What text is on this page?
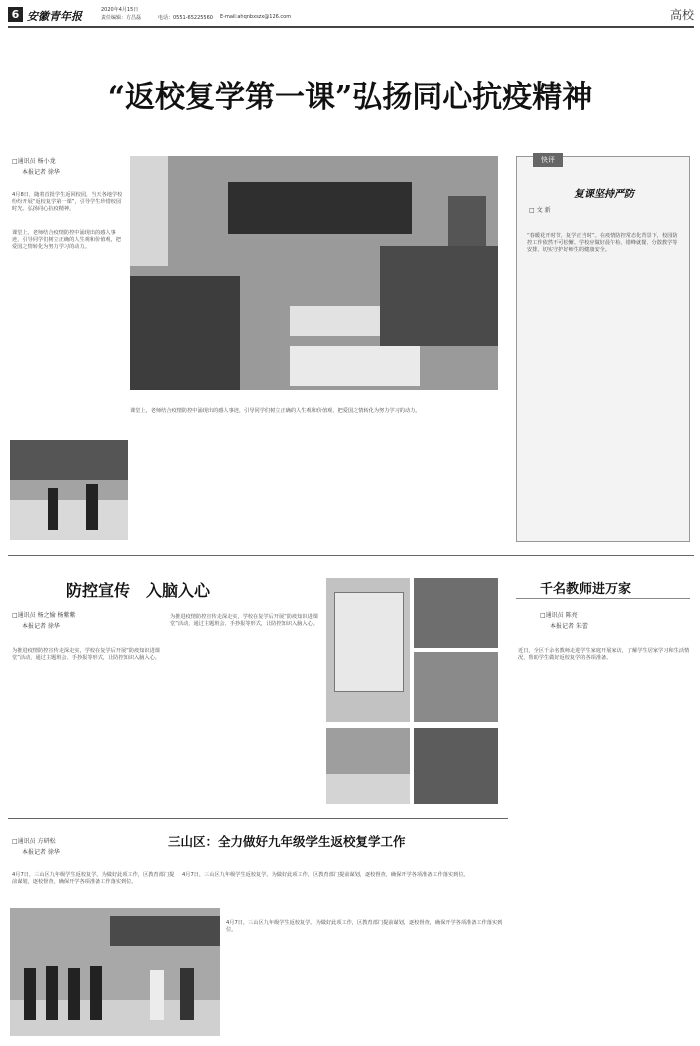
6 安徽青年报	2020年4月15日
责任编辑：方昌磊	电话：0551-65225560 E-mail:ahqnbxszx@126.com	高校
“返校复学第一课”弘扬同心抗疫精神
□通讯员 杨小龙
本报记者 徐华

4月8日，随着首批学生返回校园，当天各地学校纷纷开展“返校复学第一课”，引导学生珍惜校园时光、弘扬同心抗疫精神。

课堂上，老师结合疫情防控中涌现出的感人事迹，引导同学们树立正确的人生观和价值观，把爱国之情转化为努力学习的动力。

课堂上，老师结合疫情防控中涌现出的感人事迹，引导同学们树立正确的人生观和价值观，把爱国之情转化为努力学习的动力。

快评
复课坚持严防
□ 文 新

“春暖花开时节，复学正当时”。在疫情防控常态化背景下，校园防控工作依然不可松懈。学校应做好晨午检、错峰就餐、分散教学等安排，切实守护好师生的健康安全。

防控宣传　入脑入心
□通讯员 杨之愉 杨紫紫
本报记者 徐华

为推进疫情防控宣传走深走实，学校在复学后开展“防疫知识进课堂”活动，通过主题班会、手抄报等形式，让防控知识入脑入心。

为推进疫情防控宣传走深走实，学校在复学后开展“防疫知识进课堂”活动，通过主题班会、手抄报等形式，让防控知识入脑入心。

千名教师进万家
□通讯员 陈亮
本报记者 朱蕾

近日，全区千余名教师走进学生家庭开展家访，了解学生居家学习和生活情况，帮助学生做好返校复学的各项准备。

□通讯员 方研松
本报记者 徐华
三山区：全力做好九年级学生返校复学工作

4月7日，三山区九年级学生返校复学。为做好此项工作，区教育部门提前谋划，逐校督查，确保开学各项准备工作落实到位。

4月7日，三山区九年级学生返校复学。为做好此项工作，区教育部门提前谋划，逐校督查，确保开学各项准备工作落实到位。

4月7日，三山区九年级学生返校复学。为做好此项工作，区教育部门提前谋划，逐校督查，确保开学各项准备工作落实到位。
